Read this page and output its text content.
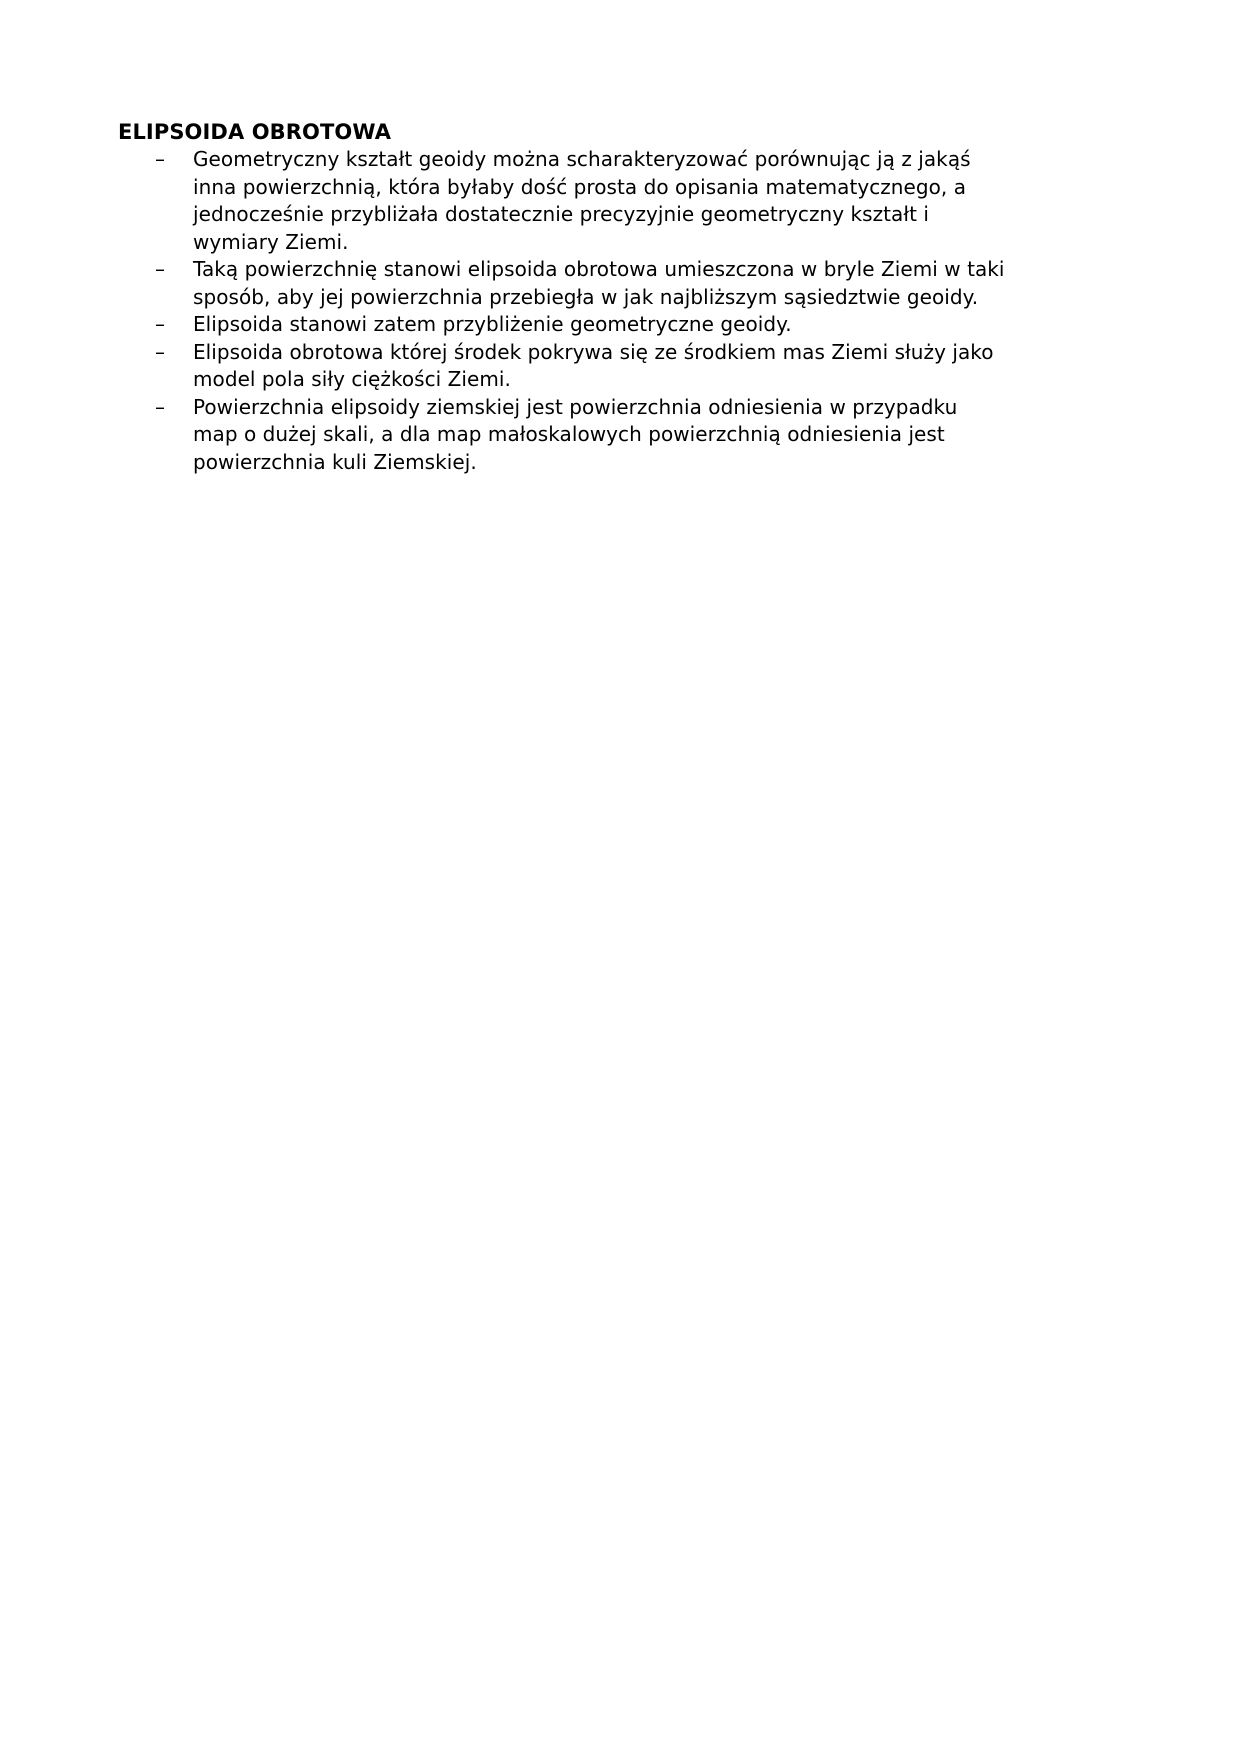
ELIPSOIDA OBROTOWA
–	Geometryczny kształt geoidy można scharakteryzować porównując ją z jakąś
inna powierzchnią, która byłaby dość prosta do opisania matematycznego, a
jednocześnie przybliżała dostatecznie precyzyjnie geometryczny kształt i
wymiary Ziemi.
–	Taką powierzchnię stanowi elipsoida obrotowa umieszczona w bryle Ziemi w taki
sposób, aby jej powierzchnia przebiegła w jak najbliższym sąsiedztwie geoidy.
–	Elipsoida stanowi zatem przybliżenie geometryczne geoidy.
–	Elipsoida obrotowa której środek pokrywa się ze środkiem mas Ziemi służy jako
model pola siły ciężkości Ziemi.
–	Powierzchnia elipsoidy ziemskiej jest powierzchnia odniesienia w przypadku
map o dużej skali, a dla map małoskalowych powierzchnią odniesienia jest
powierzchnia kuli Ziemskiej.
